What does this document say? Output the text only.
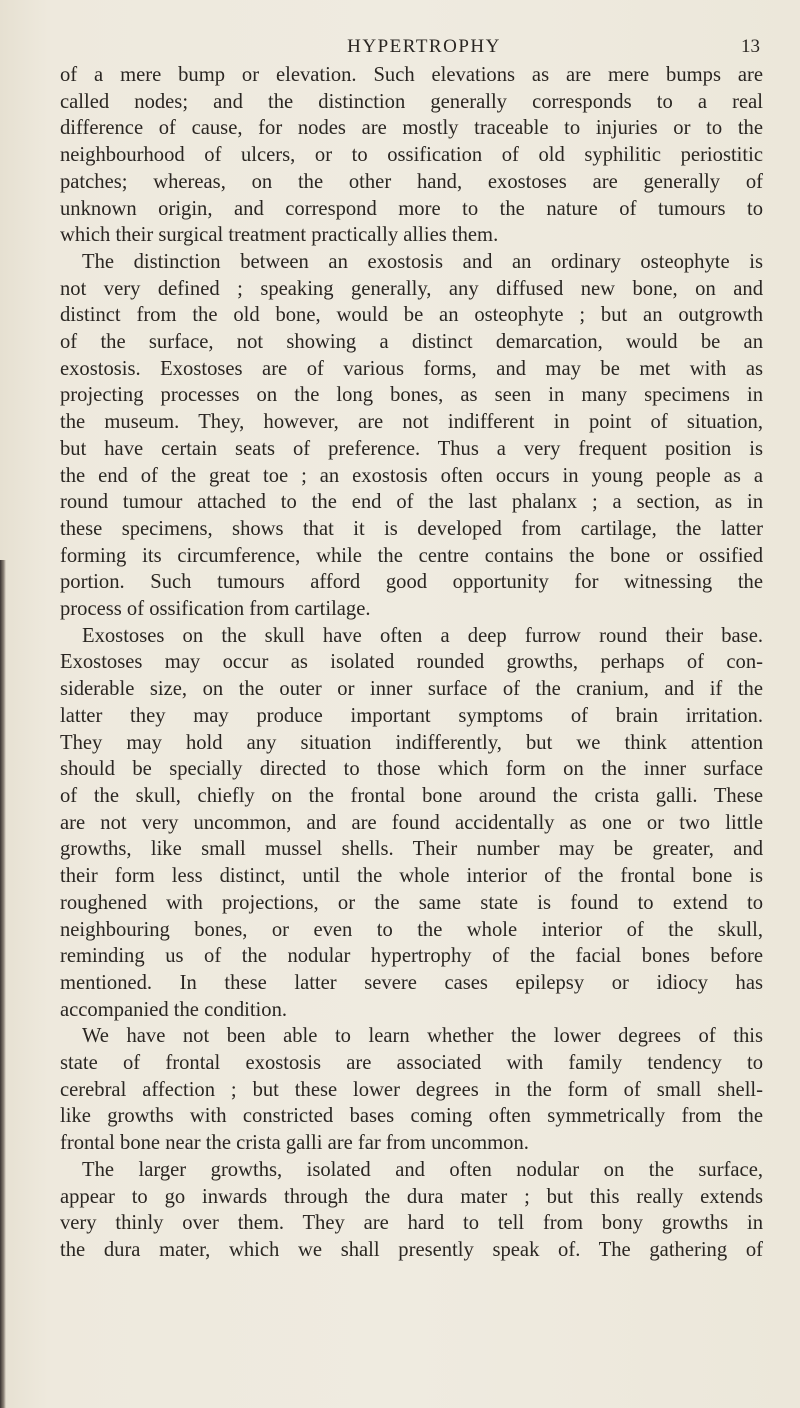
HYPERTROPHY	13
of a mere bump or elevation. Such elevations as are mere bumps are
called nodes; and the distinction generally corresponds to a real
difference of cause, for nodes are mostly traceable to injuries or to the
neighbourhood of ulcers, or to ossification of old syphilitic periostitic
patches; whereas, on the other hand, exostoses are generally of
unknown origin, and correspond more to the nature of tumours to
which their surgical treatment practically allies them.
The distinction between an exostosis and an ordinary osteophyte is
not very defined ; speaking generally, any diffused new bone, on and
distinct from the old bone, would be an osteophyte ; but an outgrowth
of the surface, not showing a distinct demarcation, would be an
exostosis. Exostoses are of various forms, and may be met with as
projecting processes on the long bones, as seen in many specimens in
the museum. They, however, are not indifferent in point of situation,
but have certain seats of preference. Thus a very frequent position is
the end of the great toe ; an exostosis often occurs in young people as a
round tumour attached to the end of the last phalanx ; a section, as in
these specimens, shows that it is developed from cartilage, the latter
forming its circumference, while the centre contains the bone or ossified
portion. Such tumours afford good opportunity for witnessing the
process of ossification from cartilage.
Exostoses on the skull have often a deep furrow round their base.
Exostoses may occur as isolated rounded growths, perhaps of con-
siderable size, on the outer or inner surface of the cranium, and if the
latter they may produce important symptoms of brain irritation.
They may hold any situation indifferently, but we think attention
should be specially directed to those which form on the inner surface
of the skull, chiefly on the frontal bone around the crista galli. These
are not very uncommon, and are found accidentally as one or two little
growths, like small mussel shells. Their number may be greater, and
their form less distinct, until the whole interior of the frontal bone is
roughened with projections, or the same state is found to extend to
neighbouring bones, or even to the whole interior of the skull,
reminding us of the nodular hypertrophy of the facial bones before
mentioned. In these latter severe cases epilepsy or idiocy has
accompanied the condition.
We have not been able to learn whether the lower degrees of this
state of frontal exostosis are associated with family tendency to
cerebral affection ; but these lower degrees in the form of small shell-
like growths with constricted bases coming often symmetrically from the
frontal bone near the crista galli are far from uncommon.
The larger growths, isolated and often nodular on the surface,
appear to go inwards through the dura mater ; but this really extends
very thinly over them. They are hard to tell from bony growths in
the dura mater, which we shall presently speak of. The gathering of
